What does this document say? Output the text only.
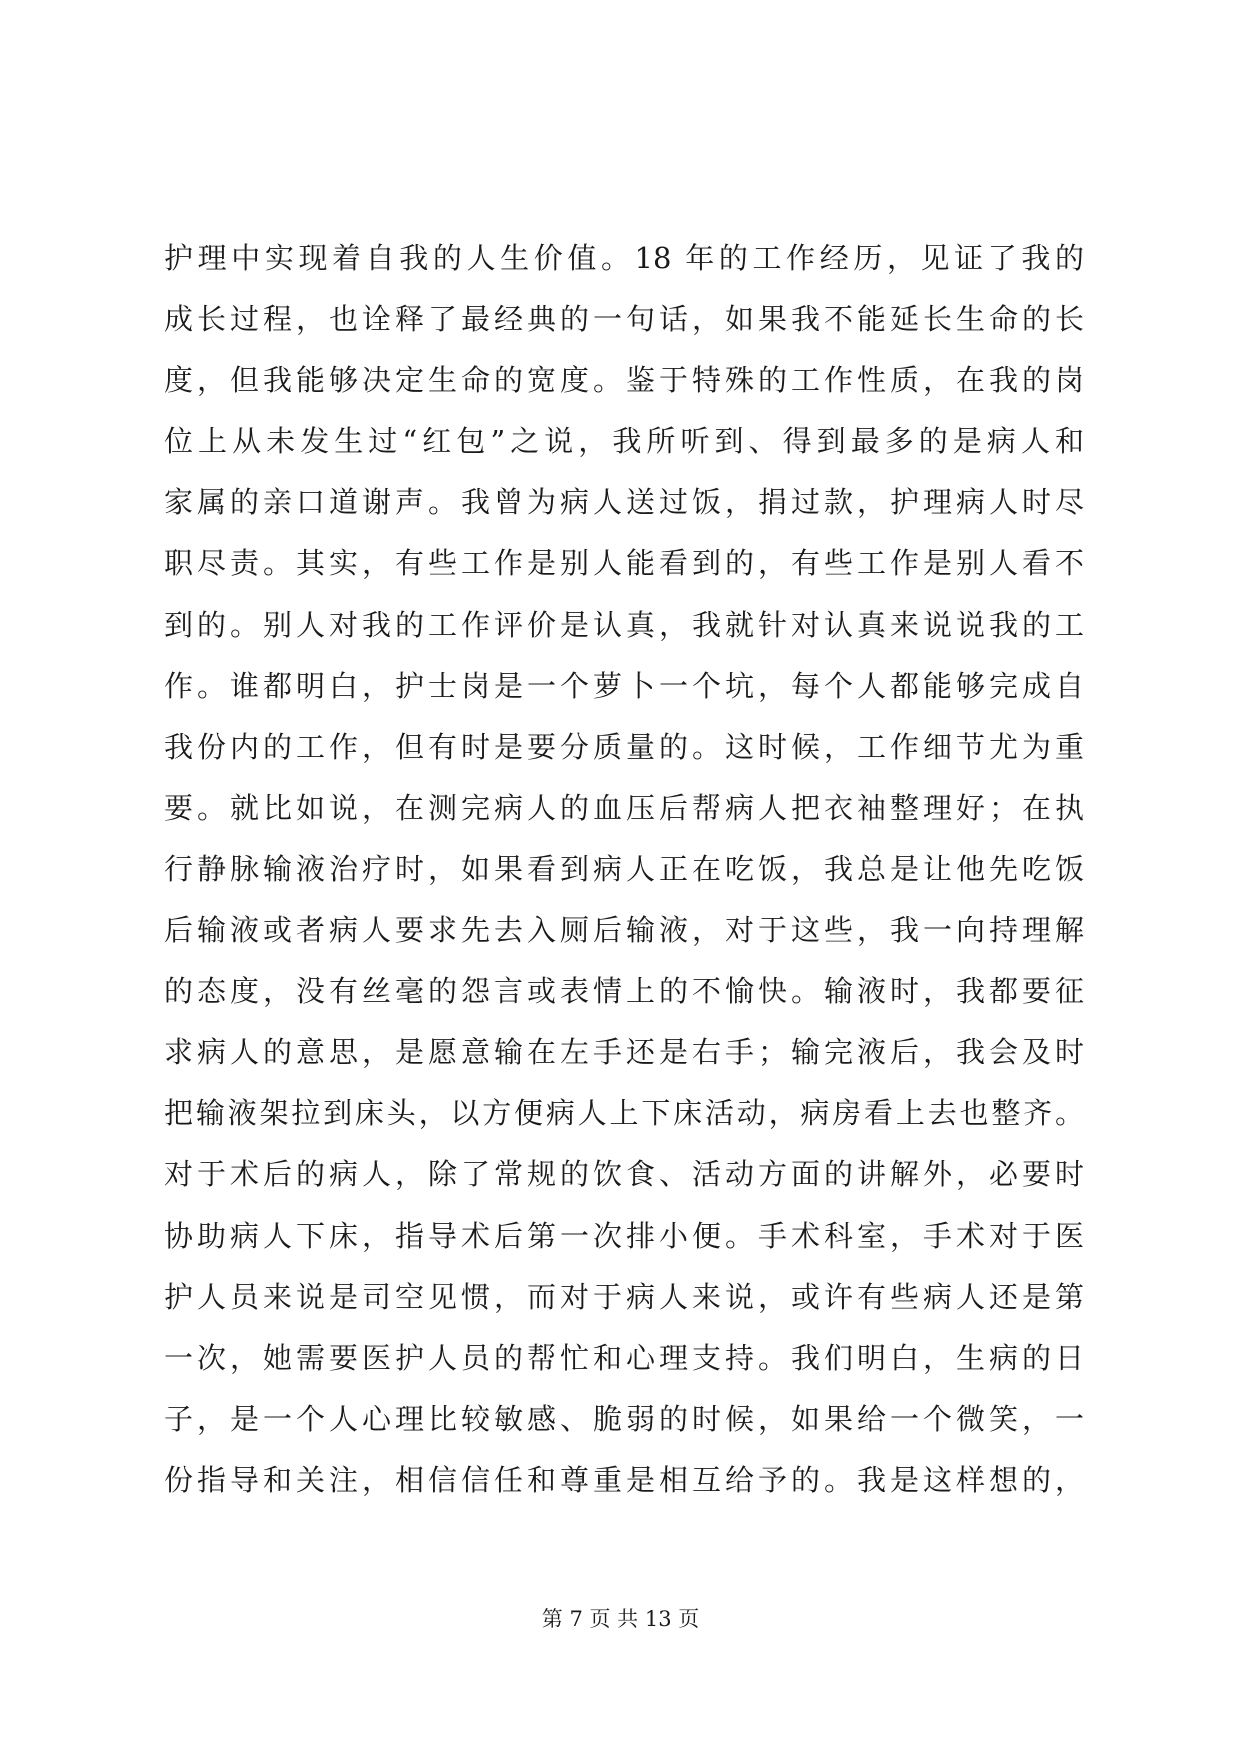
护理中实现着自我的人生价值。18 年的工作经历，见证了我的
成长过程，也诠释了最经典的一句话，如果我不能延长生命的长
度，但我能够决定生命的宽度。鉴于特殊的工作性质，在我的岗
位上从未发生过“红包”之说，我所听到、得到最多的是病人和
家属的亲口道谢声。我曾为病人送过饭，捐过款，护理病人时尽
职尽责。其实，有些工作是别人能看到的，有些工作是别人看不
到的。别人对我的工作评价是认真，我就针对认真来说说我的工
作。谁都明白，护士岗是一个萝卜一个坑，每个人都能够完成自
我份内的工作，但有时是要分质量的。这时候，工作细节尤为重
要。就比如说，在测完病人的血压后帮病人把衣袖整理好；在执
行静脉输液治疗时，如果看到病人正在吃饭，我总是让他先吃饭
后输液或者病人要求先去入厕后输液，对于这些，我一向持理解
的态度，没有丝毫的怨言或表情上的不愉快。输液时，我都要征
求病人的意思，是愿意输在左手还是右手；输完液后，我会及时
把输液架拉到床头，以方便病人上下床活动，病房看上去也整齐。
对于术后的病人，除了常规的饮食、活动方面的讲解外，必要时
协助病人下床，指导术后第一次排小便。手术科室，手术对于医
护人员来说是司空见惯，而对于病人来说，或许有些病人还是第
一次，她需要医护人员的帮忙和心理支持。我们明白，生病的日
子，是一个人心理比较敏感、脆弱的时候，如果给一个微笑，一
份指导和关注，相信信任和尊重是相互给予的。我是这样想的，
第 7 页 共 13 页
